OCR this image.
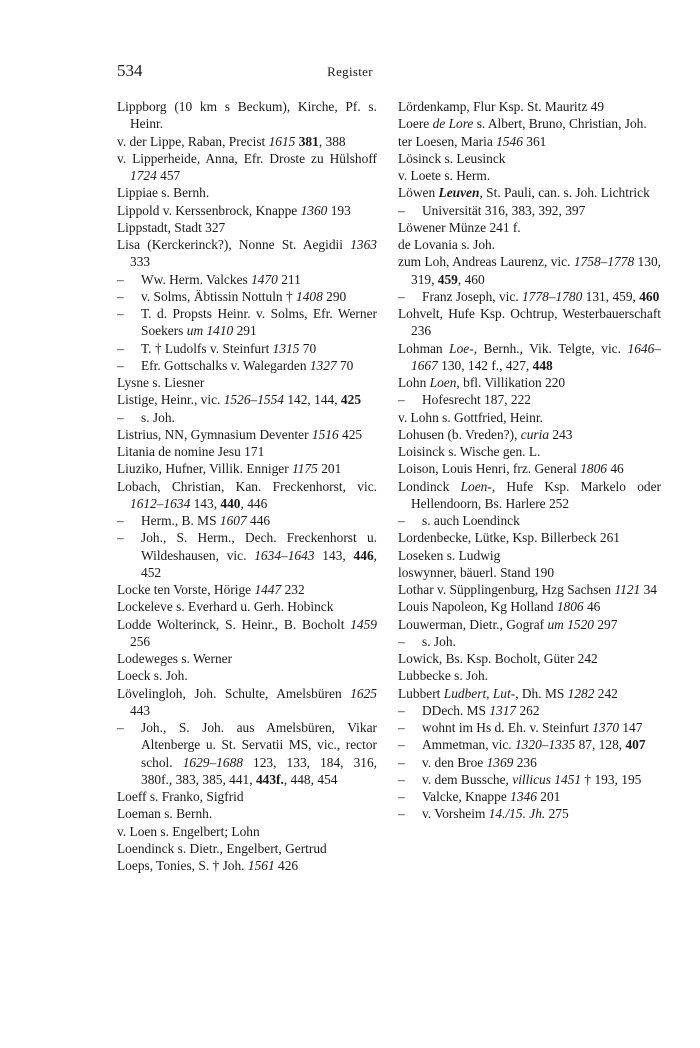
534	Register
Lippborg (10 km s Beckum), Kirche, Pf. s. Heinr.
v. der Lippe, Raban, Precist 1615 381, 388
v. Lipperheide, Anna, Efr. Droste zu Hülshoff 1724 457
Lippiae s. Bernh.
Lippold v. Kerssenbrock, Knappe 1360 193
Lippstadt, Stadt 327
Lisa (Kerckerinck?), Nonne St. Aegidii 1363 333
– Ww. Herm. Valckes 1470 211
– v. Solms, Äbtissin Nottuln † 1408 290
– T. d. Propsts Heinr. v. Solms, Efr. Werner Soekers um 1410 291
– T. † Ludolfs v. Steinfurt 1315 70
– Efr. Gottschalks v. Walegarden 1327 70
Lysne s. Liesner
Listige, Heinr., vic. 1526–1554 142, 144, 425
– s. Joh.
Listrius, NN, Gymnasium Deventer 1516 425
Litania de nomine Jesu 171
Liuziko, Hufner, Villik. Enniger 1175 201
Lobach, Christian, Kan. Freckenhorst, vic. 1612–1634 143, 440, 446
– Herm., B. MS 1607 446
– Joh., S. Herm., Dech. Freckenhorst u. Wildeshausen, vic. 1634–1643 143, 446, 452
Locke ten Vorste, Hörige 1447 232
Lockeleve s. Everhard u. Gerh. Hobinck
Lodde Wolterinck, S. Heinr., B. Bocholt 1459 256
Lodeweges s. Werner
Loeck s. Joh.
Lövelingloh, Joh. Schulte, Amelsbüren 1625 443
– Joh., S. Joh. aus Amelsbüren, Vikar Altenberge u. St. Servatii MS, vic., rector schol. 1629–1688 123, 133, 184, 316, 380f., 383, 385, 441, 443f., 448, 454
Loeff s. Franko, Sigfrid
Loeman s. Bernh.
v. Loen s. Engelbert; Lohn
Loendinck s. Dietr., Engelbert, Gertrud
Loeps, Tonies, S. † Joh. 1561 426
Lördenkamp, Flur Ksp. St. Mauritz 49
Loere de Lore s. Albert, Bruno, Christian, Joh.
ter Loesen, Maria 1546 361
Lösinck s. Leusinck
v. Loete s. Herm.
Löwen Leuven, St. Pauli, can. s. Joh. Lichtrick
– Universität 316, 383, 392, 397
Löwener Münze 241 f.
de Lovania s. Joh.
zum Loh, Andreas Laurenz, vic. 1758–1778 130, 319, 459, 460
– Franz Joseph, vic. 1778–1780 131, 459, 460
Lohvelt, Hufe Ksp. Ochtrup, Westerbauerschaft 236
Lohman Loe-, Bernh., Vik. Telgte, vic. 1646–1667 130, 142 f., 427, 448
Lohn Loen, bfl. Villikation 220
– Hofesrecht 187, 222
v. Lohn s. Gottfried, Heinr.
Lohusen (b. Vreden?), curia 243
Loisinck s. Wische gen. L.
Loison, Louis Henri, frz. General 1806 46
Londinck Loen-, Hufe Ksp. Markelo oder Hellendoorn, Bs. Harlere 252
– s. auch Loendinck
Lordenbecke, Lütke, Ksp. Billerbeck 261
Loseken s. Ludwig
loswynner, bäuerl. Stand 190
Lothar v. Süpplingenburg, Hzg Sachsen 1121 34
Louis Napoleon, Kg Holland 1806 46
Louwerman, Dietr., Gograf um 1520 297
– s. Joh.
Lowick, Bs. Ksp. Bocholt, Güter 242
Lubbecke s. Joh.
Lubbert Ludbert, Lut-, Dh. MS 1282 242
– DDech. MS 1317 262
– wohnt im Hs d. Eh. v. Steinfurt 1370 147
– Ammetman, vic. 1320–1335 87, 128, 407
– v. den Broe 1369 236
– v. dem Bussche, villicus 1451 † 193, 195
– Valcke, Knappe 1346 201
– v. Vorsheim 14./15. Jh. 275
